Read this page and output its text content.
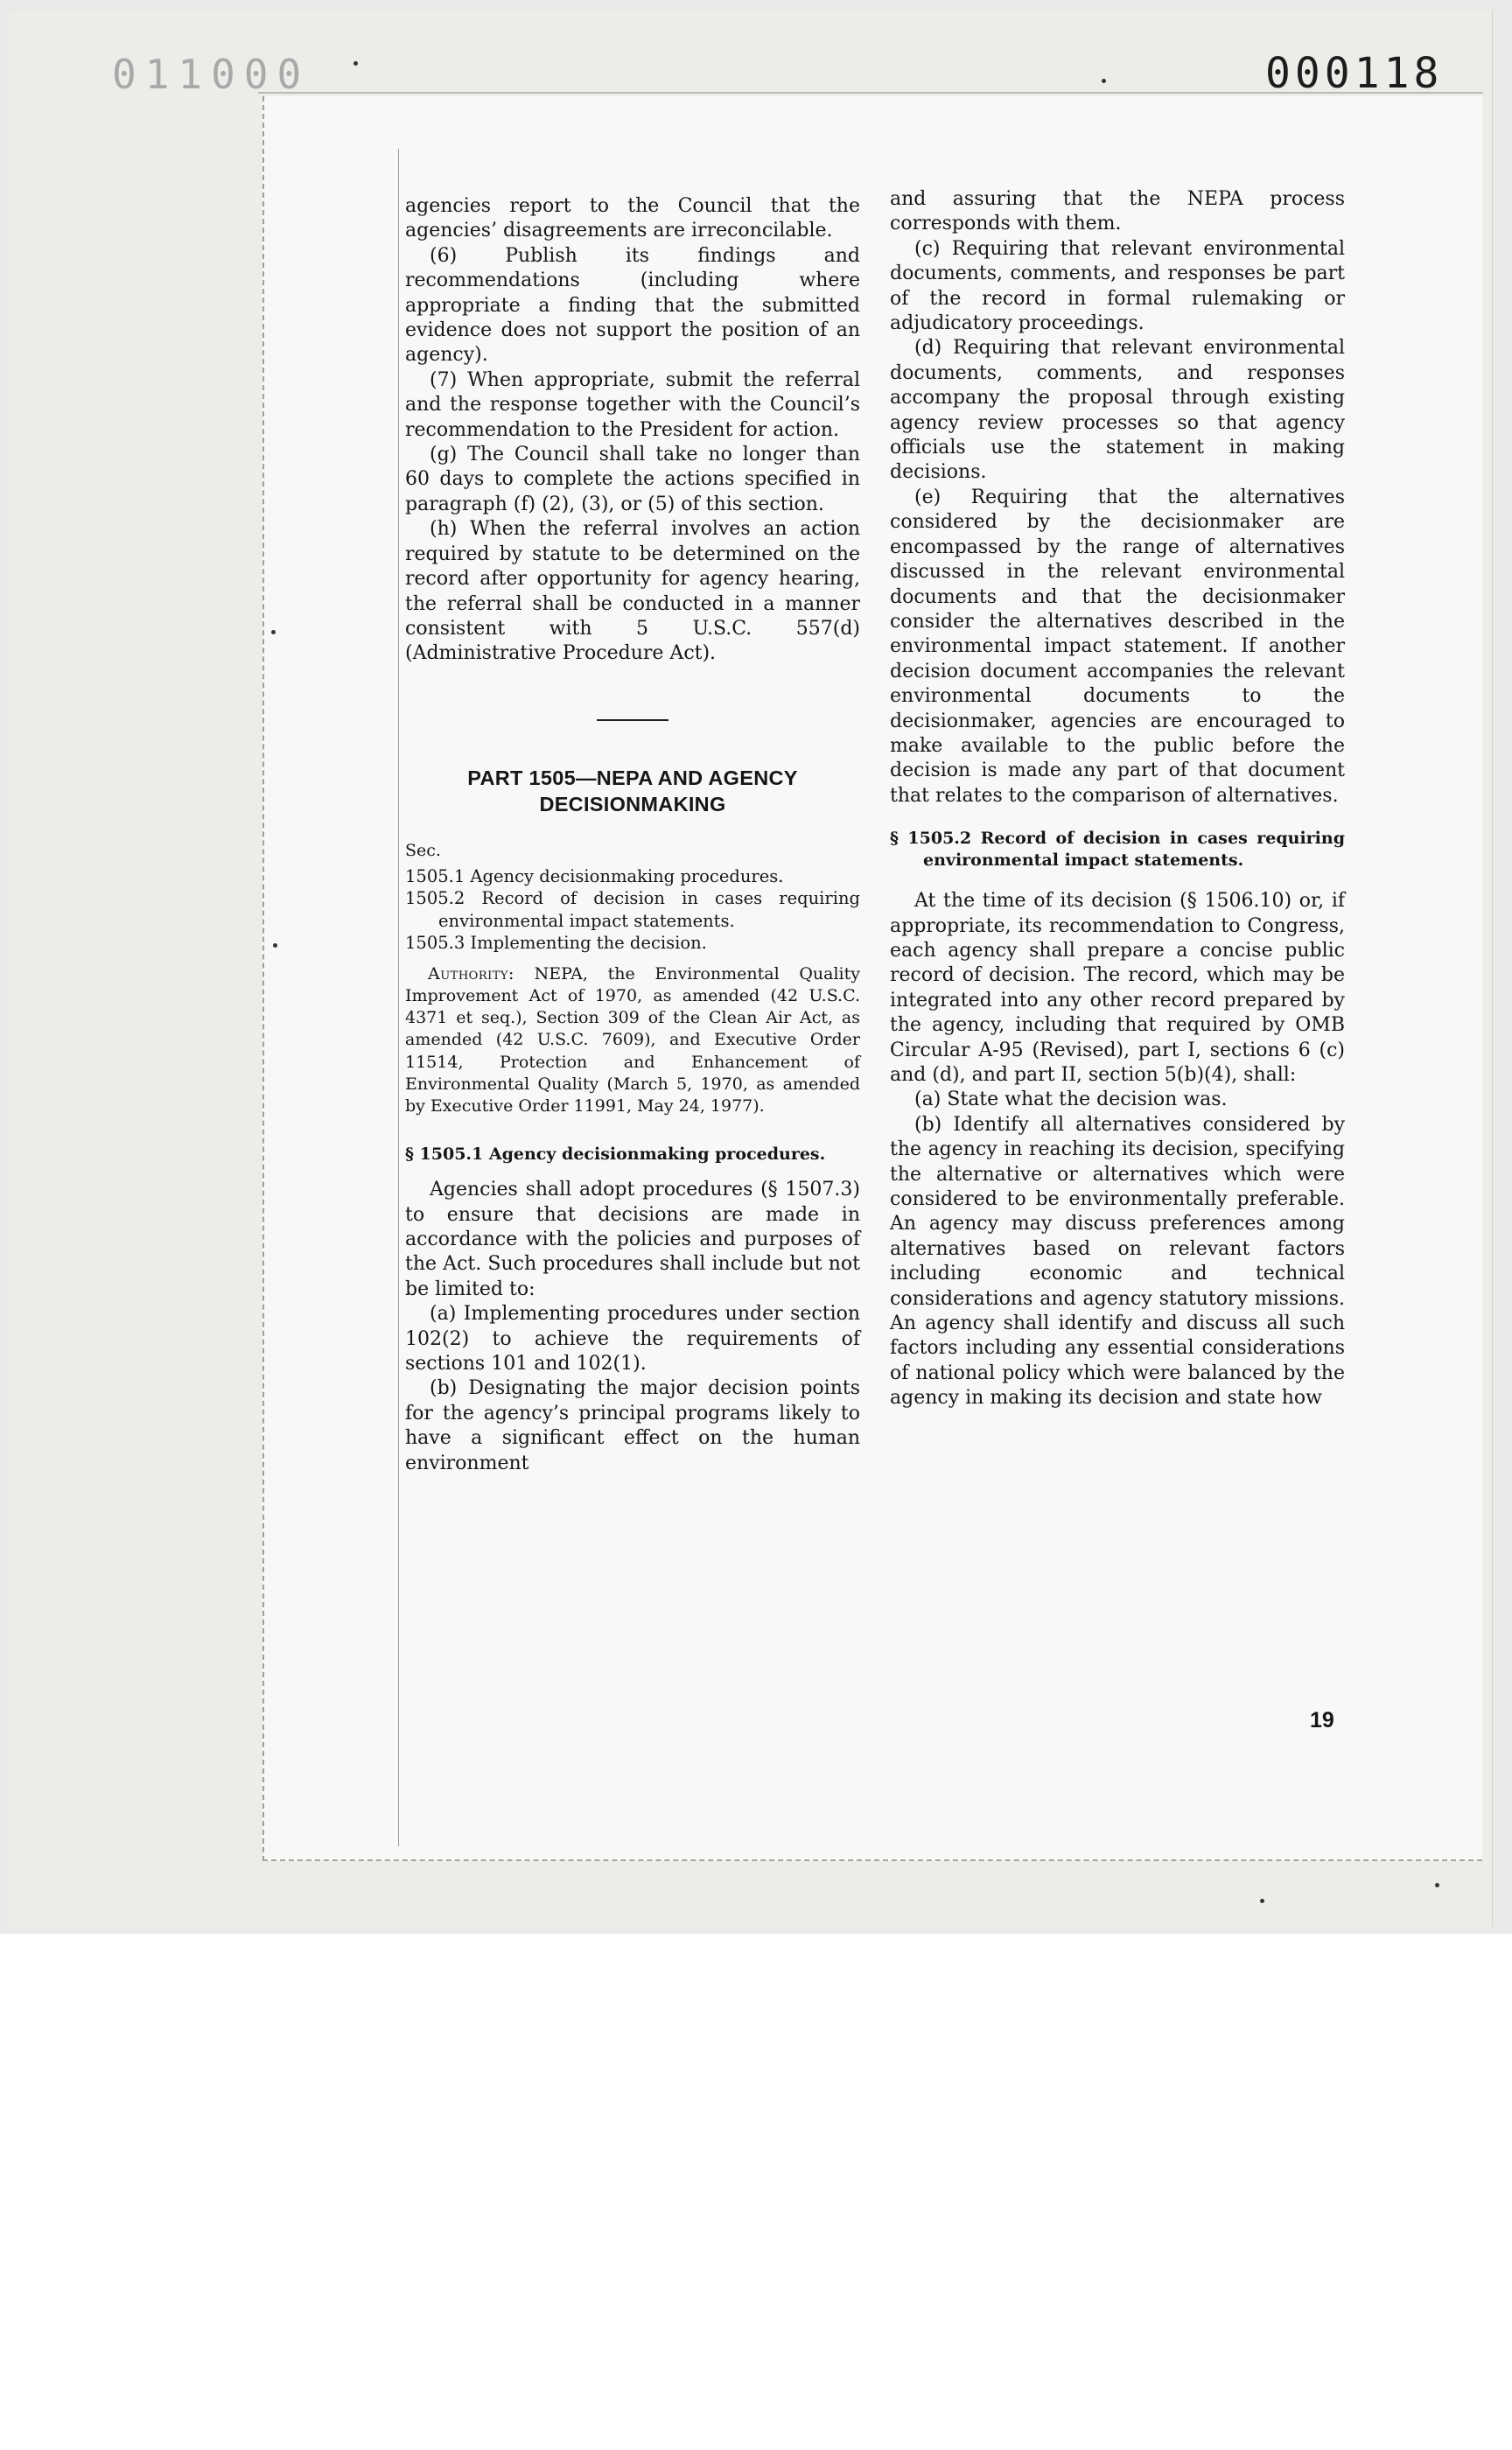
011000	000118

agencies report to the Council that the agencies’ disagreements are irreconcilable.

(6) Publish its findings and recommendations (including where appropriate a finding that the submitted evidence does not support the position of an agency).

(7) When appropriate, submit the referral and the response together with the Council’s recommendation to the President for action.

(g) The Council shall take no longer than 60 days to complete the actions specified in paragraph (f) (2), (3), or (5) of this section.

(h) When the referral involves an action required by statute to be determined on the record after opportunity for agency hearing, the referral shall be conducted in a manner consistent with 5 U.S.C. 557(d) (Administrative Procedure Act).

PART 1505—NEPA AND AGENCY DECISIONMAKING

Sec.

1505.1 Agency decisionmaking procedures.

1505.2 Record of decision in cases requiring environmental impact statements.

1505.3 Implementing the decision.

Authority: NEPA, the Environmental Quality Improvement Act of 1970, as amended (42 U.S.C. 4371 et seq.), Section 309 of the Clean Air Act, as amended (42 U.S.C. 7609), and Executive Order 11514, Protection and Enhancement of Environmental Quality (March 5, 1970, as amended by Executive Order 11991, May 24, 1977).

§ 1505.1 Agency decisionmaking procedures.

Agencies shall adopt procedures (§ 1507.3) to ensure that decisions are made in accordance with the policies and purposes of the Act. Such procedures shall include but not be limited to:

(a) Implementing procedures under section 102(2) to achieve the requirements of sections 101 and 102(1).

(b) Designating the major decision points for the agency’s principal programs likely to have a significant effect on the human environment

and assuring that the NEPA process corresponds with them.

(c) Requiring that relevant environmental documents, comments, and responses be part of the record in formal rulemaking or adjudicatory proceedings.

(d) Requiring that relevant environmental documents, comments, and responses accompany the proposal through existing agency review processes so that agency officials use the statement in making decisions.

(e) Requiring that the alternatives considered by the decisionmaker are encompassed by the range of alternatives discussed in the relevant environmental documents and that the decisionmaker consider the alternatives described in the environmental impact statement. If another decision document accompanies the relevant environmental documents to the decisionmaker, agencies are encouraged to make available to the public before the decision is made any part of that document that relates to the comparison of alternatives.

§ 1505.2 Record of decision in cases requiring environmental impact statements.

At the time of its decision (§ 1506.10) or, if appropriate, its recommendation to Congress, each agency shall prepare a concise public record of decision. The record, which may be integrated into any other record prepared by the agency, including that required by OMB Circular A-95 (Revised), part I, sections 6 (c) and (d), and part II, section 5(b)(4), shall:

(a) State what the decision was.

(b) Identify all alternatives considered by the agency in reaching its decision, specifying the alternative or alternatives which were considered to be environmentally preferable. An agency may discuss preferences among alternatives based on relevant factors including economic and technical considerations and agency statutory missions. An agency shall identify and discuss all such factors including any essential considerations of national policy which were balanced by the agency in making its decision and state how

19
